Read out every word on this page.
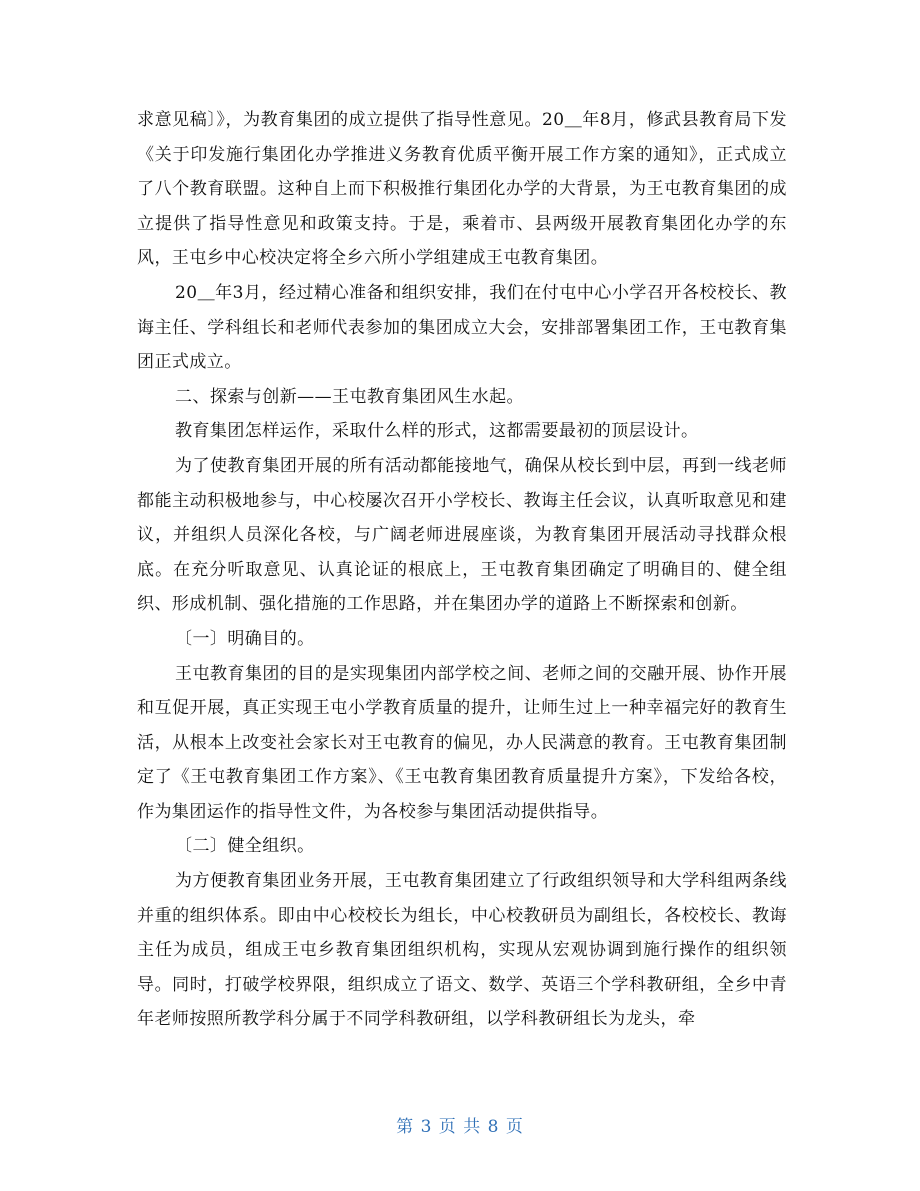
求意见稿〕》，为教育集团的成立提供了指导性意见。20＿年8月，修武县教育局下发《关于印发施行集团化办学推进义务教育优质平衡开展工作方案的通知》，正式成立了八个教育联盟。这种自上而下积极推行集团化办学的大背景，为王屯教育集团的成立提供了指导性意见和政策支持。于是，乘着市、县两级开展教育集团化办学的东风，王屯乡中心校决定将全乡六所小学组建成王屯教育集团。

20＿年3月，经过精心准备和组织安排，我们在付屯中心小学召开各校校长、教诲主任、学科组长和老师代表参加的集团成立大会，安排部署集团工作，王屯教育集团正式成立。

二、探索与创新——王屯教育集团风生水起。

教育集团怎样运作，采取什么样的形式，这都需要最初的顶层设计。

为了使教育集团开展的所有活动都能接地气，确保从校长到中层，再到一线老师都能主动积极地参与，中心校屡次召开小学校长、教诲主任会议，认真听取意见和建议，并组织人员深化各校，与广阔老师进展座谈，为教育集团开展活动寻找群众根底。在充分听取意见、认真论证的根底上，王屯教育集团确定了明确目的、健全组织、形成机制、强化措施的工作思路，并在集团办学的道路上不断探索和创新。

〔一〕明确目的。

王屯教育集团的目的是实现集团内部学校之间、老师之间的交融开展、协作开展和互促开展，真正实现王屯小学教育质量的提升，让师生过上一种幸福完好的教育生活，从根本上改变社会家长对王屯教育的偏见，办人民满意的教育。王屯教育集团制定了《王屯教育集团工作方案》、《王屯教育集团教育质量提升方案》，下发给各校，作为集团运作的指导性文件，为各校参与集团活动提供指导。

〔二〕健全组织。

为方便教育集团业务开展，王屯教育集团建立了行政组织领导和大学科组两条线并重的组织体系。即由中心校校长为组长，中心校教研员为副组长，各校校长、教诲主任为成员，组成王屯乡教育集团组织机构，实现从宏观协调到施行操作的组织领导。同时，打破学校界限，组织成立了语文、数学、英语三个学科教研组，全乡中青年老师按照所教学科分属于不同学科教研组，以学科教研组长为龙头，牵

第 3 页 共 8 页
